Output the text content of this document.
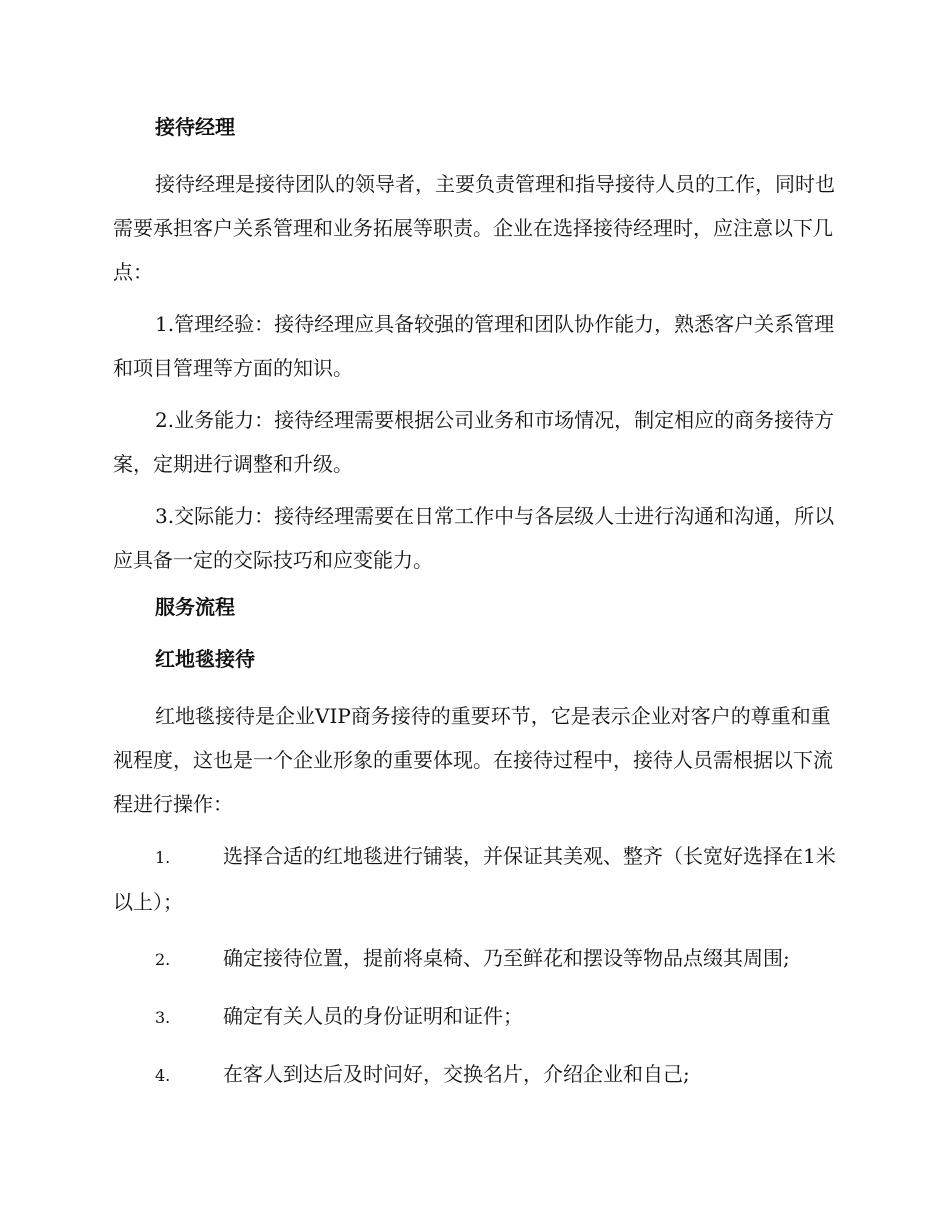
接待经理

接待经理是接待团队的领导者，主要负责管理和指导接待人员的工作，同时也需要承担客户关系管理和业务拓展等职责。企业在选择接待经理时，应注意以下几点：

1.管理经验：接待经理应具备较强的管理和团队协作能力，熟悉客户关系管理和项目管理等方面的知识。

2.业务能力：接待经理需要根据公司业务和市场情况，制定相应的商务接待方案，定期进行调整和升级。

3.交际能力：接待经理需要在日常工作中与各层级人士进行沟通和沟通，所以应具备一定的交际技巧和应变能力。

服务流程
红地毯接待

红地毯接待是企业VIP商务接待的重要环节，它是表示企业对客户的尊重和重视程度，这也是一个企业形象的重要体现。在接待过程中，接待人员需根据以下流程进行操作：

1.	选择合适的红地毯进行铺装，并保证其美观、整齐（长宽好选择在1米以上）；

2.	确定接待位置，提前将桌椅、乃至鲜花和摆设等物品点缀其周围;

3.	确定有关人员的身份证明和证件；

4.	在客人到达后及时问好，交换名片，介绍企业和自己;
